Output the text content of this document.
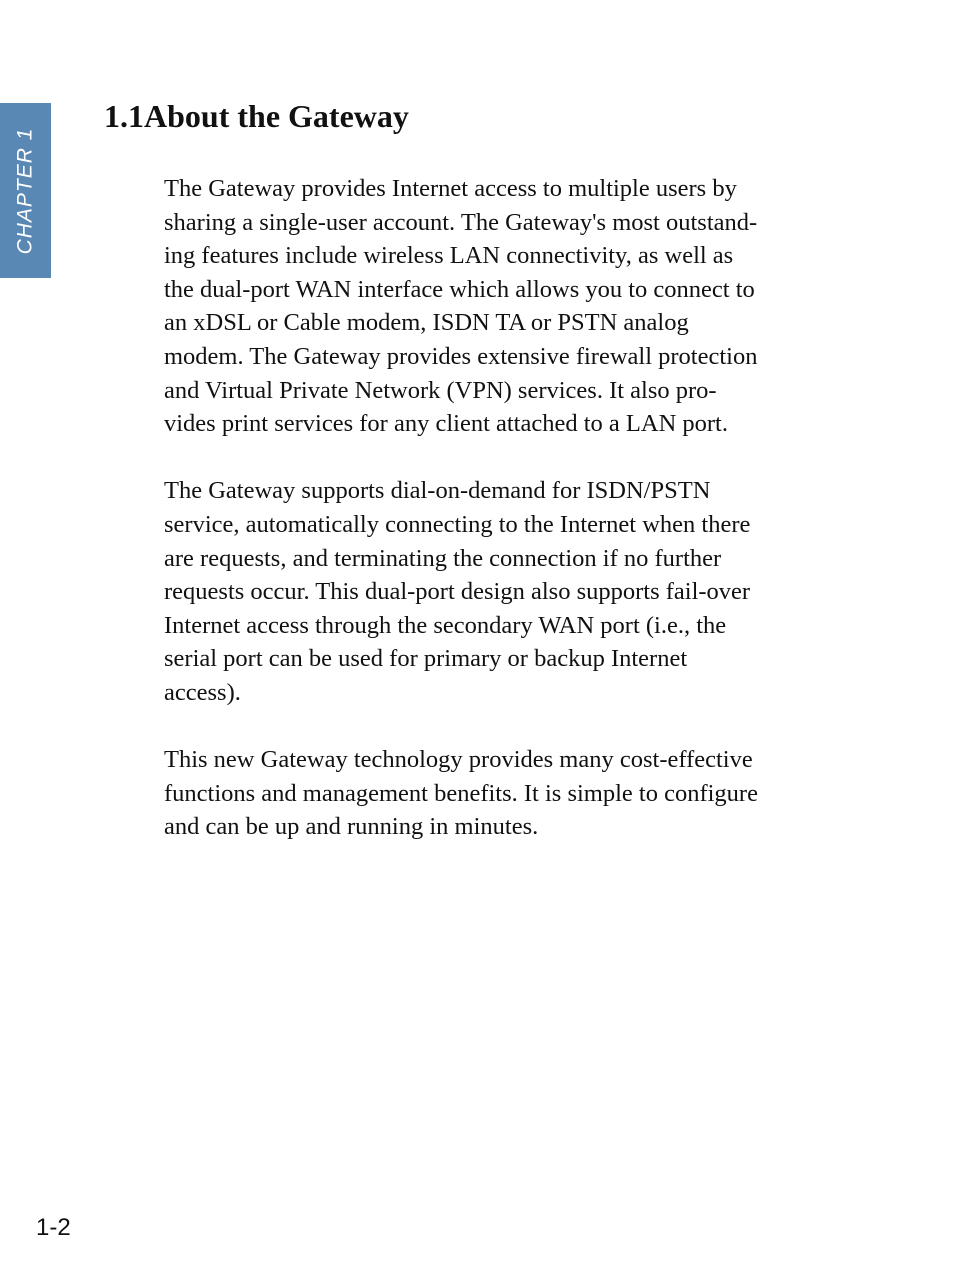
CHAPTER 1
1.1About the Gateway

The Gateway provides Internet access to multiple users by
sharing a single-user account. The Gateway's most outstand-
ing features include wireless LAN connectivity, as well as
the dual-port WAN interface which allows you to connect to
an xDSL or Cable modem, ISDN TA or PSTN analog
modem. The Gateway provides extensive firewall protection
and Virtual Private Network (VPN) services. It also pro-
vides print services for any client attached to a LAN port.

The Gateway supports dial-on-demand for ISDN/PSTN
service, automatically connecting to the Internet when there
are requests, and terminating the connection if no further
requests occur. This dual-port design also supports fail-over
Internet access through the secondary WAN port (i.e., the
serial port can be used for primary or backup Internet
access).

This new Gateway technology provides many cost-effective
functions and management benefits. It is simple to configure
and can be up and running in minutes.

1-2
